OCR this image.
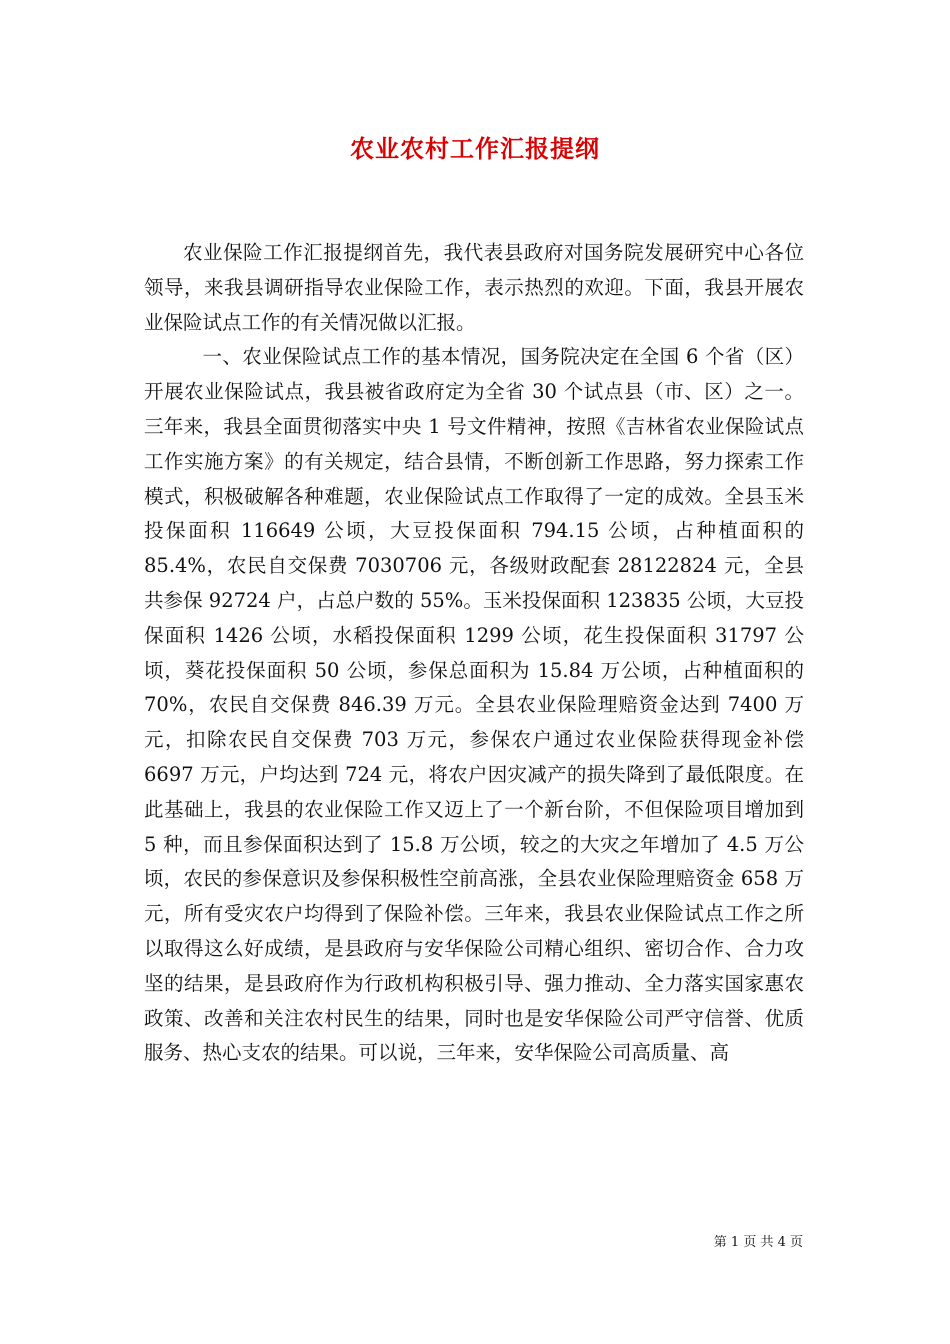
农业农村工作汇报提纲

农业保险工作汇报提纲首先，我代表县政府对国务院发展研究中心各位领导，来我县调研指导农业保险工作，表示热烈的欢迎。下面，我县开展农业保险试点工作的有关情况做以汇报。

一、农业保险试点工作的基本情况，国务院决定在全国 6 个省（区）开展农业保险试点，我县被省政府定为全省 30 个试点县（市、区）之一。三年来，我县全面贯彻落实中央 1 号文件精神，按照《吉林省农业保险试点工作实施方案》的有关规定，结合县情，不断创新工作思路，努力探索工作模式，积极破解各种难题，农业保险试点工作取得了一定的成效。全县玉米投保面积 116649 公顷，大豆投保面积 794.15 公顷，占种植面积的 85.4%，农民自交保费 7030706 元，各级财政配套 28122824 元，全县共参保 92724 户，占总户数的 55%。玉米投保面积 123835 公顷，大豆投保面积 1426 公顷，水稻投保面积 1299 公顷，花生投保面积 31797 公顷，葵花投保面积 50 公顷，参保总面积为 15.84 万公顷，占种植面积的 70%，农民自交保费 846.39 万元。全县农业保险理赔资金达到 7400 万元，扣除农民自交保费 703 万元，参保农户通过农业保险获得现金补偿 6697 万元，户均达到 724 元，将农户因灾减产的损失降到了最低限度。在此基础上，我县的农业保险工作又迈上了一个新台阶，不但保险项目增加到 5 种，而且参保面积达到了 15.8 万公顷，较之的大灾之年增加了 4.5 万公顷，农民的参保意识及参保积极性空前高涨，全县农业保险理赔资金 658 万元，所有受灾农户均得到了保险补偿。三年来，我县农业保险试点工作之所以取得这么好成绩，是县政府与安华保险公司精心组织、密切合作、合力攻坚的结果，是县政府作为行政机构积极引导、强力推动、全力落实国家惠农政策、改善和关注农村民生的结果，同时也是安华保险公司严守信誉、优质服务、热心支农的结果。可以说，三年来，安华保险公司高质量、高

第 1 页 共 4 页
